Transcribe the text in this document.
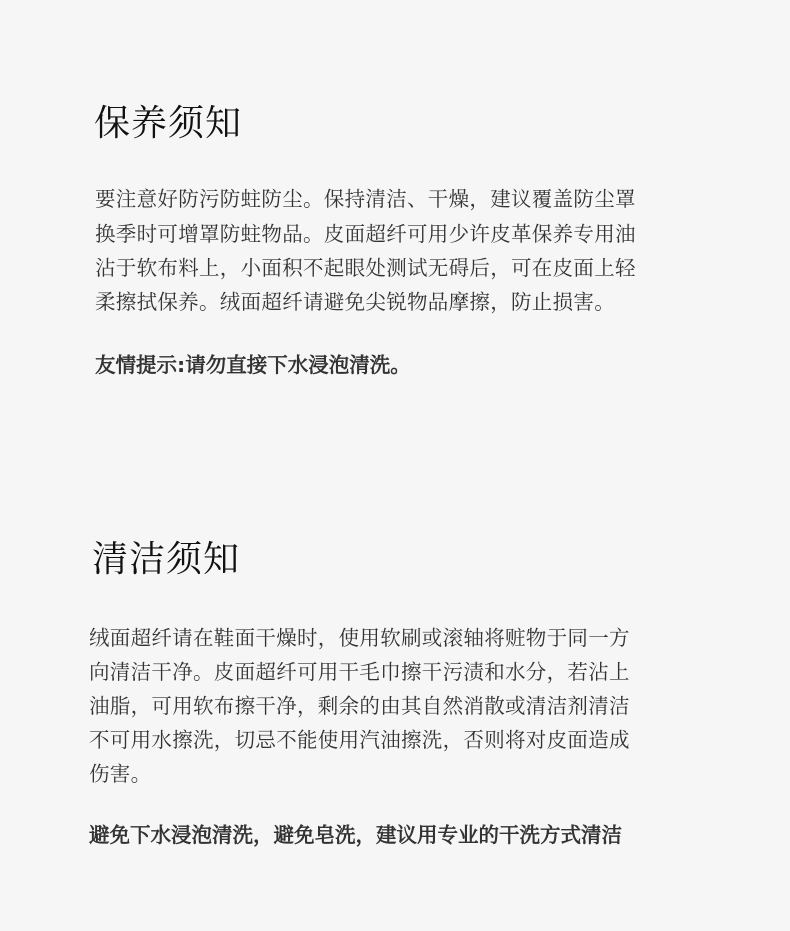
保养须知
要注意好防污防蛀防尘。保持清洁、干燥，建议覆盖防尘罩
换季时可增罩防蛀物品。皮面超纤可用少许皮革保养专用油
沾于软布料上，小面积不起眼处测试无碍后，可在皮面上轻
柔擦拭保养。绒面超纤请避免尖锐物品摩擦，防止损害。
友情提示:请勿直接下水浸泡清洗。
清洁须知
绒面超纤请在鞋面干燥时，使用软刷或滚轴将赃物于同一方
向清洁干净。皮面超纤可用干毛巾擦干污渍和水分，若沾上
油脂，可用软布擦干净，剩余的由其自然消散或清洁剂清洁
不可用水擦洗，切忌不能使用汽油擦洗，否则将对皮面造成
伤害。
避免下水浸泡清洗，避免皂洗，建议用专业的干洗方式清洁
